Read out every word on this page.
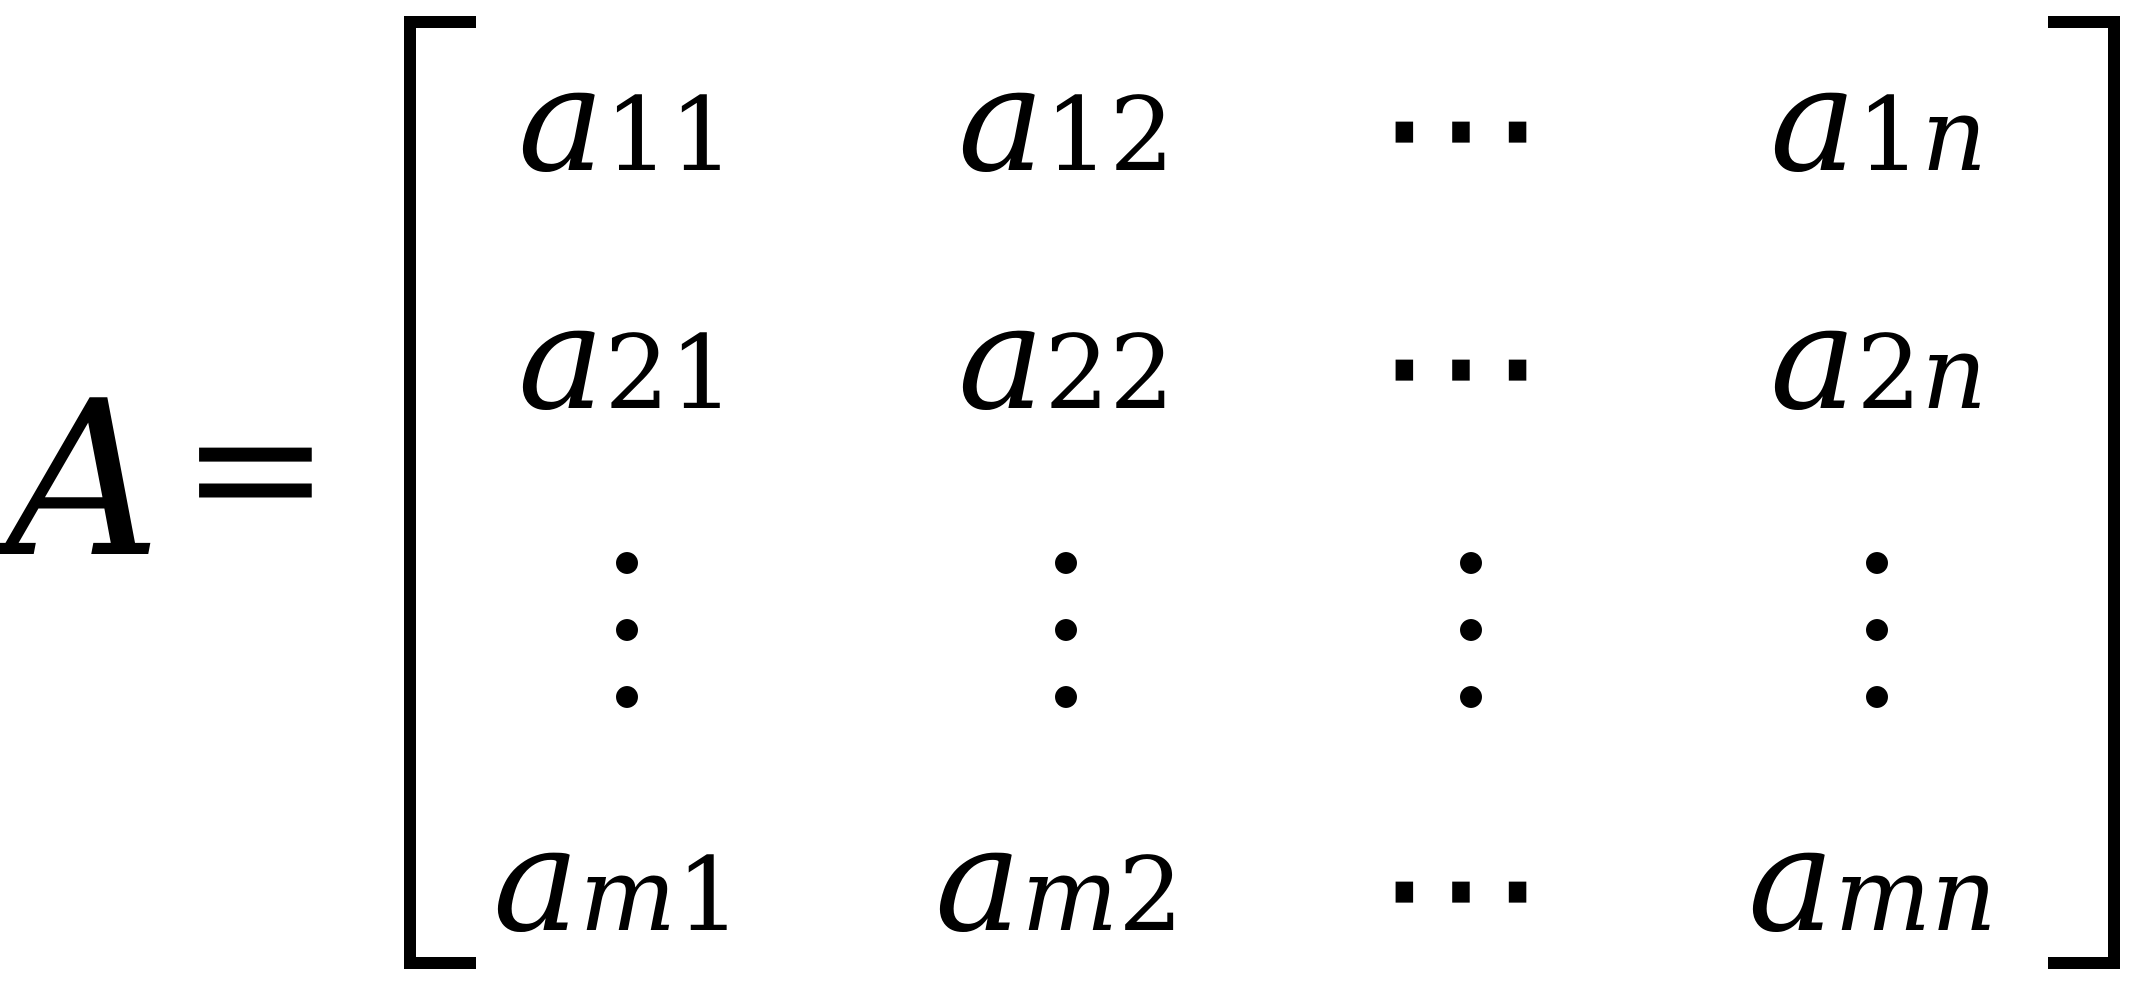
A =
a11 a12 ⋯ a1n
a21 a22 ⋯ a2n
am1 am2 ⋯ amn
